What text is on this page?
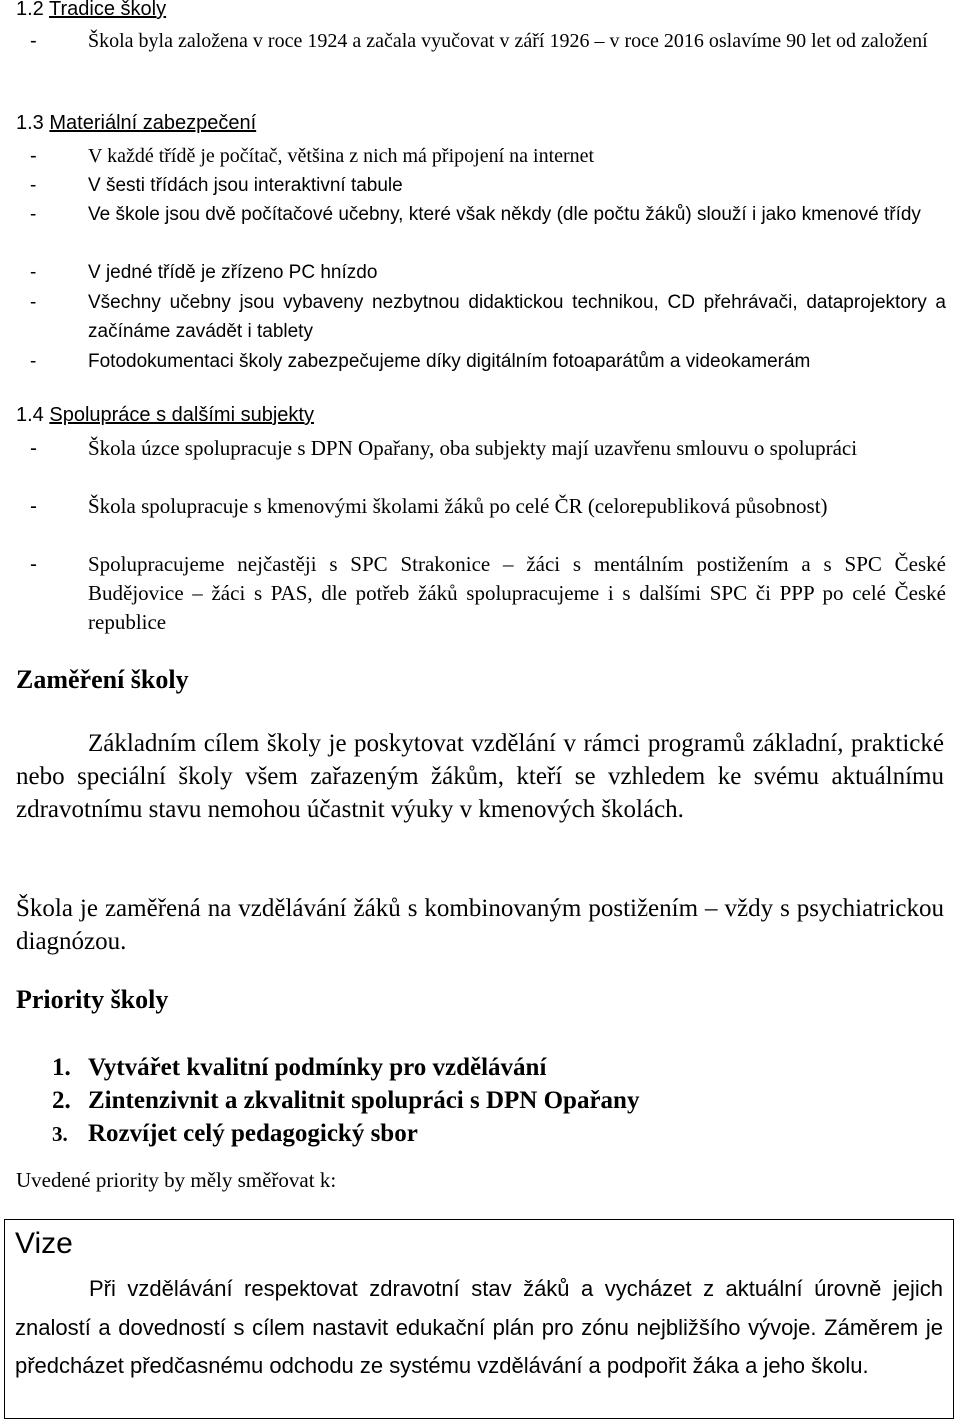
1.2 Tradice školy
-	Škola byla založena v roce 1924 a začala vyučovat v září 1926 – v roce 2016 oslavíme 90 let od založení
1.3 Materiální zabezpečení
-	V každé třídě je počítač, většina z nich má připojení na internet
-	V šesti třídách jsou interaktivní tabule
-	Ve škole jsou dvě počítačové učebny, které však někdy (dle počtu žáků) slouží i jako kmenové třídy
-	V jedné třídě je zřízeno PC hnízdo
-	Všechny učebny jsou vybaveny nezbytnou didaktickou technikou, CD přehrávači, dataprojektory a začínáme zavádět i tablety
-	Fotodokumentaci školy zabezpečujeme díky digitálním fotoaparátům a videokamerám
1.4 Spolupráce s dalšími subjekty
- Škola úzce spolupracuje s DPN Opařany, oba subjekty mají uzavřenu smlouvu o spolupráci
- Škola spolupracuje s kmenovými školami žáků po celé ČR (celorepubliková působnost)
- Spolupracujeme nejčastěji s SPC Strakonice – žáci s mentálním postižením a s SPC České Budějovice – žáci s PAS, dle potřeb žáků spolupracujeme i s dalšími SPC či PPP po celé České republice
Zaměření školy
Základním cílem školy je poskytovat vzdělání v rámci programů základní, praktické nebo speciální školy všem zařazeným žákům, kteří se vzhledem ke svému aktuálnímu zdravotnímu stavu nemohou účastnit výuky v kmenových školách.
Škola je zaměřená na vzdělávání žáků s kombinovaným postižením – vždy s psychiatrickou diagnózou.
Priority školy
1. Vytvářet kvalitní podmínky pro vzdělávání
2. Zintenzivnit a zkvalitnit spolupráci s DPN Opařany
3. Rozvíjet celý pedagogický sbor
Uvedené priority by měly směřovat k:
Vize
Při vzdělávání respektovat zdravotní stav žáků a vycházet z aktuální úrovně jejich znalostí a dovedností s cílem nastavit edukační plán pro zónu nejbližšího vývoje. Záměrem je předcházet předčasnému odchodu ze systému vzdělávání a podpořit žáka a jeho školu.
